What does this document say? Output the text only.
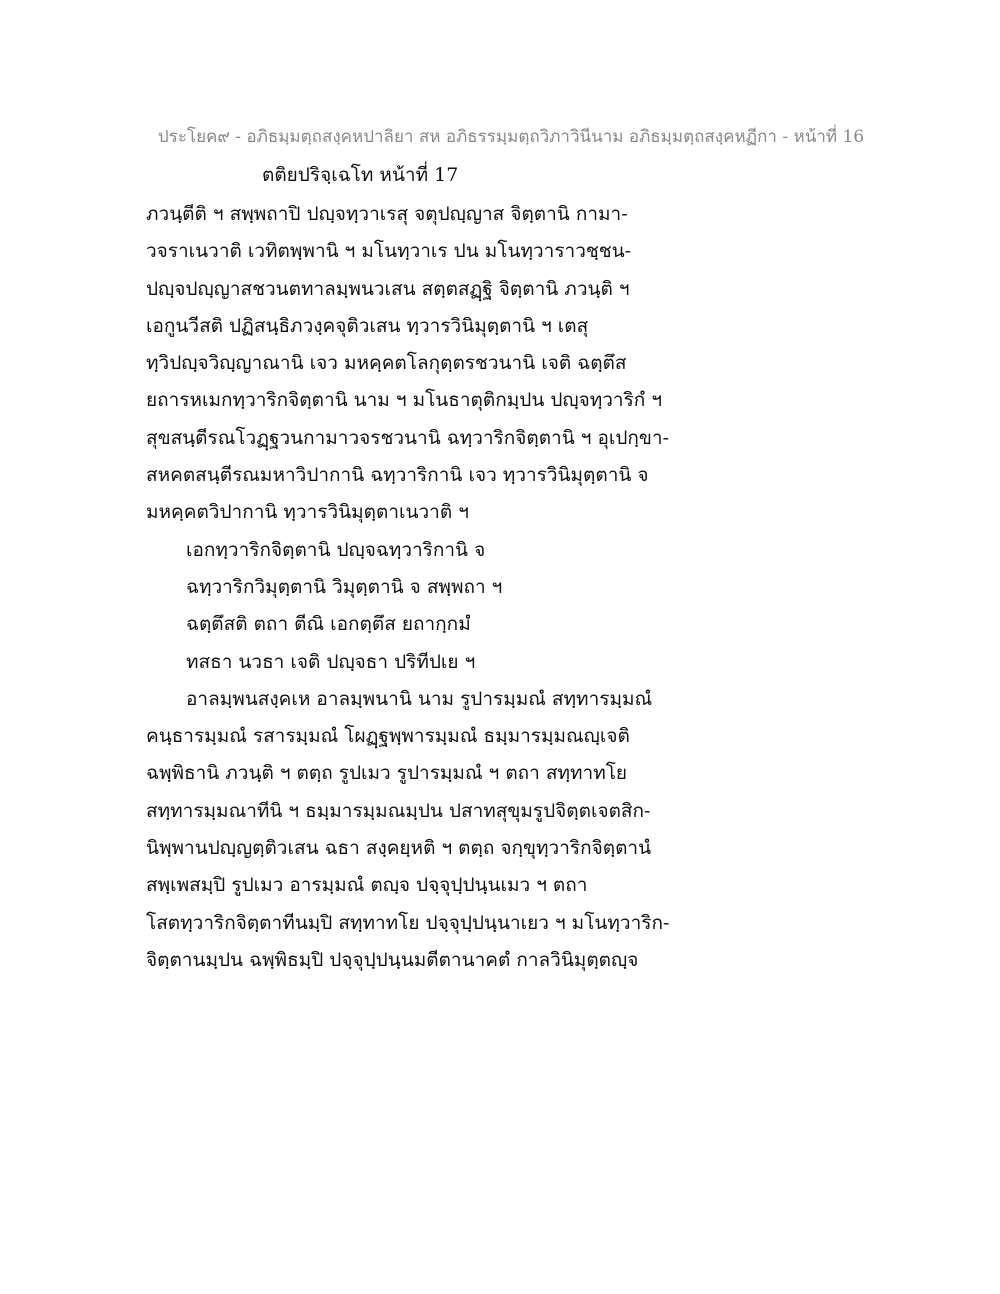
ประโยค๙ - อภิธมฺมตฺถสงฺคหปาลิยา สห อภิธรรมฺมตฺถวิภาวินีนาม อภิธมฺมตฺถสงฺคหฏีกา - หน้าที่ 16
ตติยปริจฺเฉโท หน้าที่ 17
ภวนฺตีติ ฯ สพฺพถาปิ ปญฺจทฺวาเรสุ จตุปญฺญาส จิตฺตานิ กามา-
วจราเนวาติ เวทิตพฺพานิ ฯ มโนทฺวาเร ปน มโนทฺวาราวชฺชน-
ปญฺจปญฺญาสชวนตทาลมฺพนวเสน สตฺตสฏฺฐิ จิตฺตานิ ภวนฺติ ฯ
เอกูนวีสติ ปฏิสนฺธิภวงฺคจุติวเสน ทฺวารวินิมุตฺตานิ ฯ เตสุ
ทฺวิปญฺจวิญฺญาณานิ เจว มหคฺคตโลกุตฺตรชวนานิ เจติ ฉตฺตึส
ยถารหเมกทฺวาริกจิตฺตานิ นาม ฯ มโนธาตุติกมฺปน ปญฺจทฺวาริกํ ฯ
สุขสนฺตีรณโวฏฺฐวนกามาวจรชวนานิ ฉทฺวาริกจิตฺตานิ ฯ อุเปกฺขา-
สหคตสนฺตีรณมหาวิปากานิ ฉทฺวาริกานิ เจว ทฺวารวินิมุตฺตานิ จ
มหคฺคตวิปากานิ ทฺวารวินิมุตฺตาเนวาติ ฯ
เอกทฺวาริกจิตฺตานิ ปญฺจฉทฺวาริกานิ จ
ฉทฺวาริกวิมุตฺตานิ วิมุตฺตานิ จ สพฺพถา ฯ
ฉตฺตึสติ ตถา ตีณิ เอกตฺตึส ยถากฺกมํ
ทสธา นวธา เจติ ปญฺจธา ปริทีปเย ฯ
อาลมฺพนสงฺคเห อาลมฺพนานิ นาม รูปารมฺมณํ สทฺทารมฺมณํ
คนฺธารมฺมณํ รสารมฺมณํ โผฏฺฐพฺพารมฺมณํ ธมฺมารมฺมณญฺเจติ
ฉพฺพิธานิ ภวนฺติ ฯ ตตฺถ รูปเมว รูปารมฺมณํ ฯ ตถา สทฺทาทโย
สทฺทารมฺมณาทีนิ ฯ ธมฺมารมฺมณมฺปน ปสาทสุขุมรูปจิตฺตเจตสิก-
นิพฺพานปญฺญตฺติวเสน ฉธา สงฺคยฺหติ ฯ ตตฺถ จกฺขุทฺวาริกจิตฺตานํ
สพฺเพสมฺปิ รูปเมว อารมฺมณํ ตญฺจ ปจฺจุปฺปนฺนเมว ฯ ตถา
โสตทฺวาริกจิตฺตาทีนมฺปิ สทฺทาทโย ปจฺจุปฺปนฺนาเยว ฯ มโนทฺวาริก-
จิตฺตานมฺปน ฉพฺพิธมฺปิ ปจฺจุปฺปนฺนมตีตานาคตํ กาลวินิมุตฺตญฺจ
